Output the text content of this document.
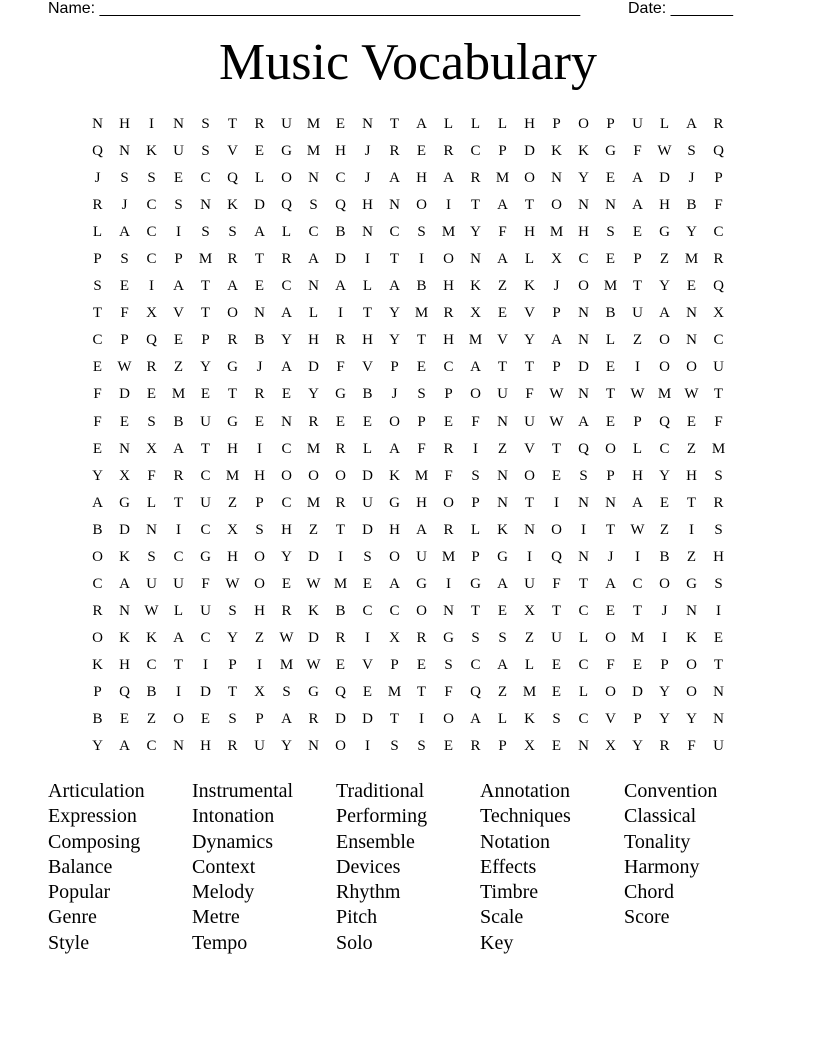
Name: ______________________________________________________

	Date: _______

Music Vocabulary
N	H	I	N	S	T	R	U M	E	N	T	A	L	L	L	H	P	O	P	U	L	A	R
Q	N	K	U	S	V	E	G M H	J	R	E	R	C	P	D	K	K	G	F	W	S	Q
J	S	S	E	C	Q	L	O	N	C	J	A	H	A	R	M O	N	Y	E	A	D	J	P
R	J	C	S	N	K	D	Q	S	Q	H	N	O	I	T	A	T	O	N	N	A	H	B	F
L	A	C	I	S	S	A	L	C	B	N	C	S	M Y	F	H M H	S	E	G	Y	C
P	S	C	P	M	R	T	R	A	D	I	T	I	O	N	A	L	X	C	E	P	Z	M	R
S	E	I	A	T	A	E	C	N	A	L	A	B	H	K	Z	K	J	O M	T	Y	E	Q
T	F	X	V	T	O	N	A	L	I	T	Y M	R	X	E	V	P	N	B	U	A	N	X
C	P	Q	E	P	R	B	Y	H	R	H	Y	T	H M V	Y	A	N	L	Z	O	N	C
E	W R	Z	Y	G	J	A	D	F	V	P	E	C	A	T	T	P	D	E	I	O	O	U
F	D	E	M	E	T	R	E	Y	G	B	J	S	P	O	U	F	W N	T	W M W	T
F	E	S	B	U	G	E	N	R	E	E	O	P	E	F	N	U W A	E	P	Q	E	F
E	N	X	A	T	H	I	C	M	R	L	A	F	R	I	Z	V	T	Q	O	L	C	Z	M
Y	X	F	R	C	M H	O	O	O	D	K M	F	S	N	O	E	S	P	H	Y	H	S
A	G	L	T	U	Z	P	C	M	R	U	G	H	O	P	N	T	I	N	N	A	E	T	R
B	D	N	I	C	X	S	H	Z	T	D	H	A	R	L	K	N	O	I	T	W	Z	I	S
O	K	S	C	G	H	O	Y	D	I	S	O	U M	P	G	I	Q	N	J	I	B	Z	H
C	A	U	U	F	W O	E	W M	E	A	G	I	G	A	U	F	T	A	C	O	G	S
R	N W	L	U	S	H	R	K	B	C	C	O	N	T	E	X	T	C	E	T	J	N	I
O	K	K	A	C	Y	Z	W D	R	I	X	R	G	S	S	Z	U	L	O M	I	K	E
K	H	C	T	I	P	I	M W	E	V	P	E	S	C	A	L	E	C	F	E	P	O	T
P	Q	B	I	D	T	X	S	G	Q	E	M	T	F	Q	Z	M	E	L	O	D	Y	O	N
B	E	Z	O	E	S	P	A	R	D	D	T	I	O	A	L	K	S	C	V	P	Y	Y	N
Y	A	C	N	H	R	U	Y	N	O	I	S	S	E	R	P	X	E	N	X	Y	R	F	U
Articulation
Expression
Composing
Balance
Popular
Genre
Style
Instrumental
Intonation
Dynamics
Context
Melody
Metre
Tempo
Traditional
Performing
Ensemble
Devices
Rhythm
Pitch
Solo
Annotation
Techniques
Notation
Effects
Timbre
Scale
Key
Convention
Classical
Tonality
Harmony
Chord
Score
